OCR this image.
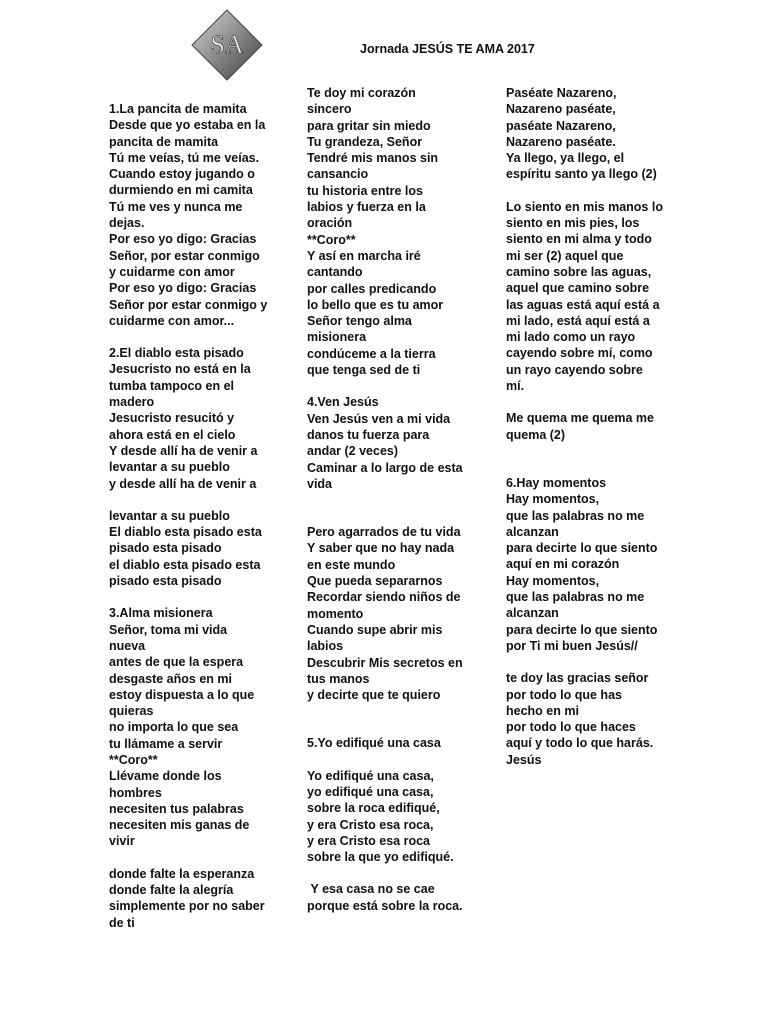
SA	Jornada JESÚS TE AMA 2017
1.La pancita de mamita

Desde que yo estaba en la

pancita de mamita

Tú me veías, tú me veías.

Cuando estoy jugando o

durmiendo en mi camita

Tú me ves y nunca me

dejas.

Por eso yo digo: Gracias

Señor, por estar conmigo

y cuidarme con amor

Por eso yo digo: Gracias

Señor por estar conmigo y

cuidarme con amor...

2.El diablo esta pisado

Jesucristo no está en la

tumba tampoco en el

madero

Jesucristo resucitó y

ahora está en el cielo

Y desde allí ha de venir a

levantar a su pueblo

y desde allí ha de venir a

levantar a su pueblo

El diablo esta pisado esta

pisado esta pisado

el diablo esta pisado esta

pisado esta pisado

3.Alma misionera

Señor, toma mi vida

nueva

antes de que la espera

desgaste años en mi

estoy dispuesta a lo que

quieras

no importa lo que sea

tu llámame a servir

**Coro**

Llévame donde los

hombres

necesiten tus palabras

necesiten mis ganas de

vivir

donde falte la esperanza

donde falte la alegría

simplemente por no saber

de ti

Te doy mi corazón

sincero

para gritar sin miedo

Tu grandeza, Señor

Tendré mis manos sin

cansancio

tu historia entre los

labios y fuerza en la

oración

**Coro**

Y así en marcha iré

cantando

por calles predicando

lo bello que es tu amor

Señor tengo alma

misionera

condúceme a la tierra

que tenga sed de ti

4.Ven Jesús

Ven Jesús ven a mi vida

danos tu fuerza para

andar (2 veces)

Caminar a lo largo de esta

vida

Pero agarrados de tu vida

Y saber que no hay nada

en este mundo

Que pueda separarnos

Recordar siendo niños de

momento

Cuando supe abrir mis

labios

Descubrir Mis secretos en

tus manos

y decirte que te quiero

5.Yo edifiqué una casa

Yo edifiqué una casa,

yo edifiqué una casa,

sobre la roca edifiqué,

y era Cristo esa roca,

y era Cristo esa roca

sobre la que yo edifiqué.

Y esa casa no se cae

porque está sobre la roca.

Paséate Nazareno,

Nazareno paséate,

paséate Nazareno,

Nazareno paséate.

Ya llego, ya llego, el

espíritu santo ya llego (2)

Lo siento en mis manos lo

siento en mis pies, los

siento en mi alma y todo

mi ser (2) aquel que

camino sobre las aguas,

aquel que camino sobre

las aguas está aquí está a

mi lado, está aquí está a

mi lado como un rayo

cayendo sobre mí, como

un rayo cayendo sobre

mí.

Me quema me quema me

quema (2)

6.Hay momentos

Hay momentos,

que las palabras no me

alcanzan

para decirte lo que siento

aquí en mi corazón

Hay momentos,

que las palabras no me

alcanzan

para decirte lo que siento

por Ti mi buen Jesús//

te doy las gracias señor

por todo lo que has

hecho en mi

por todo lo que haces

aquí y todo lo que harás.

Jesús
